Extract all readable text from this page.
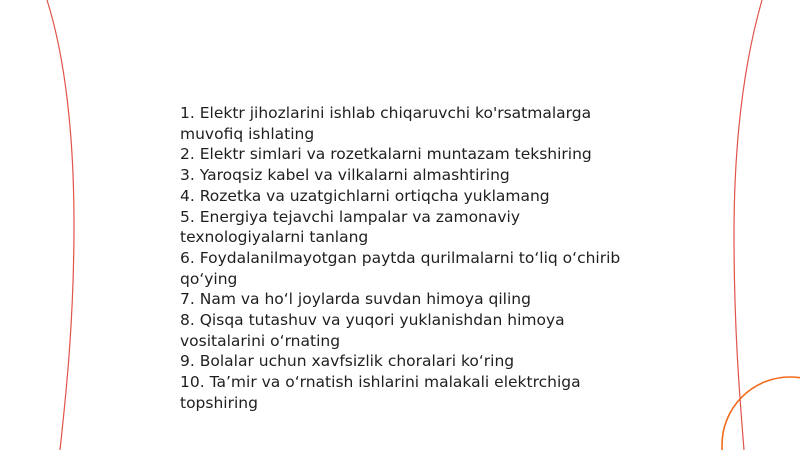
1. Elektr jihozlarini ishlab chiqaruvchi ko'rsatmalarga muvofiq ishlating
2. Elektr simlari va rozetkalarni muntazam tekshiring
3. Yaroqsiz kabel va vilkalarni almashtiring
4. Rozetka va uzatgichlarni ortiqcha yuklamang
5. Energiya tejavchi lampalar va zamonaviy texnologiyalarni tanlang
6. Foydalanilmayotgan paytda qurilmalarni to‘liq o‘chirib qo‘ying
7. Nam va ho‘l joylarda suvdan himoya qiling
8. Qisqa tutashuv va yuqori yuklanishdan himoya vositalarini o‘rnating
9. Bolalar uchun xavfsizlik choralari ko‘ring
10. Ta’mir va o‘rnatish ishlarini malakali elektrchiga topshiring
